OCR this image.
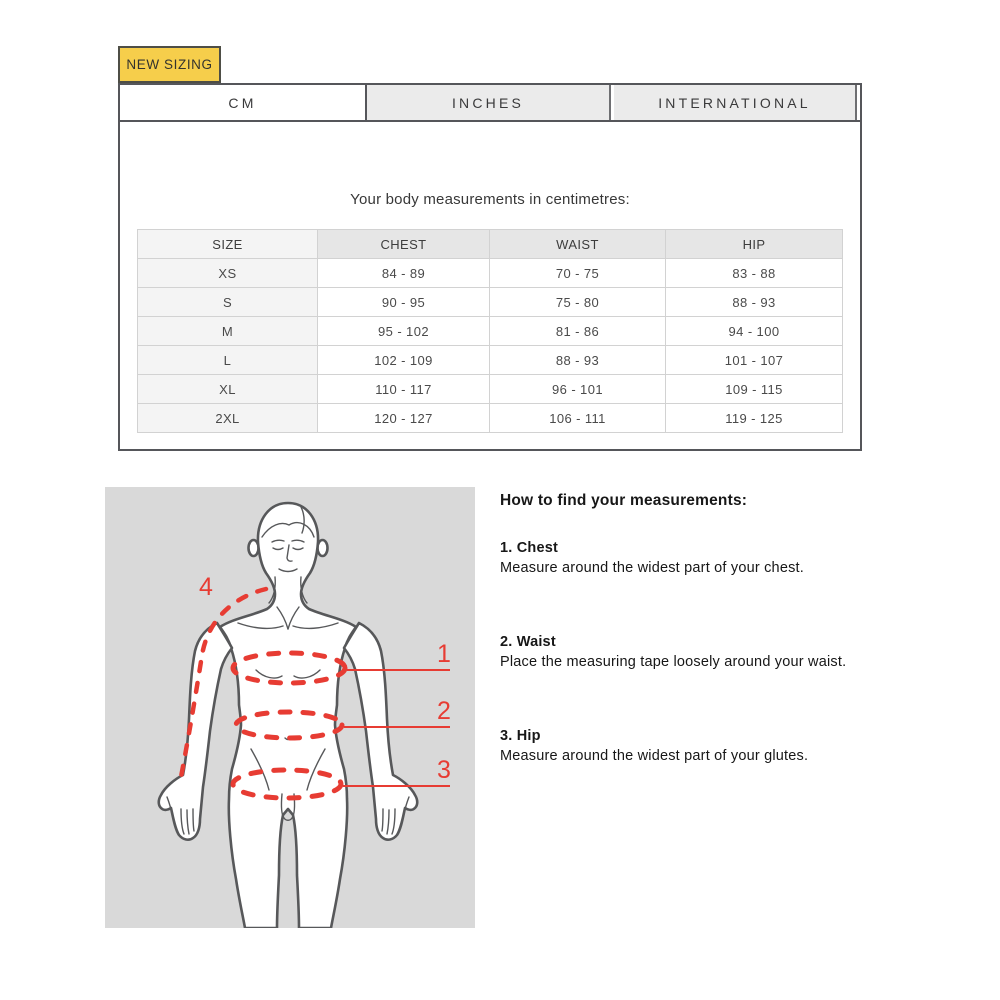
NEW SIZING
CM	INCHES	INTERNATIONAL
Your body measurements in centimetres:
SIZE	CHEST	WAIST	HIP
XS	84 - 89	70 - 75	83 - 88
S	90 - 95	75 - 80	88 - 93
M	95 - 102	81 - 86	94 - 100
L	102 - 109	88 - 93	101 - 107
XL	110 - 117	96 - 101	109 - 115
2XL	120 - 127	106 - 111	119 - 125
1
2
3
4
How to find your measurements:
1. Chest
Measure around the widest part of your chest.
2. Waist
Place the measuring tape loosely around your waist.
3. Hip
Measure around the widest part of your glutes.
